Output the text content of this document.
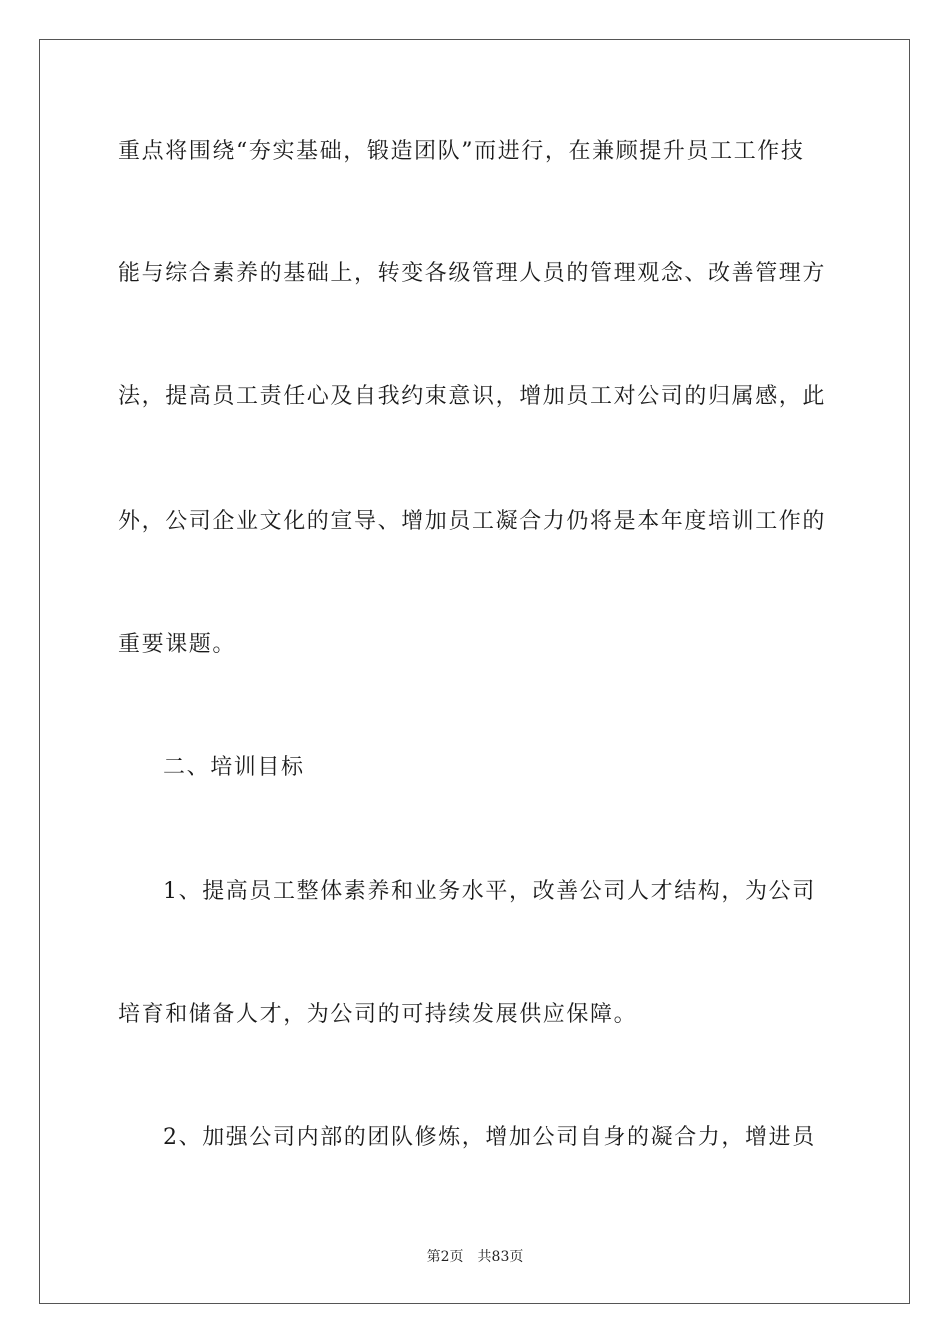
重点将围绕“夯实基础，锻造团队”而进行，在兼顾提升员工工作技
能与综合素养的基础上，转变各级管理人员的管理观念、改善管理方
法，提高员工责任心及自我约束意识，增加员工对公司的归属感，此
外，公司企业文化的宣导、增加员工凝合力仍将是本年度培训工作的
重要课题。
二、培训目标
1、提高员工整体素养和业务水平，改善公司人才结构，为公司
培育和储备人才，为公司的可持续发展供应保障。
2、加强公司内部的团队修炼，增加公司自身的凝合力，增进员
第2页 共83页
